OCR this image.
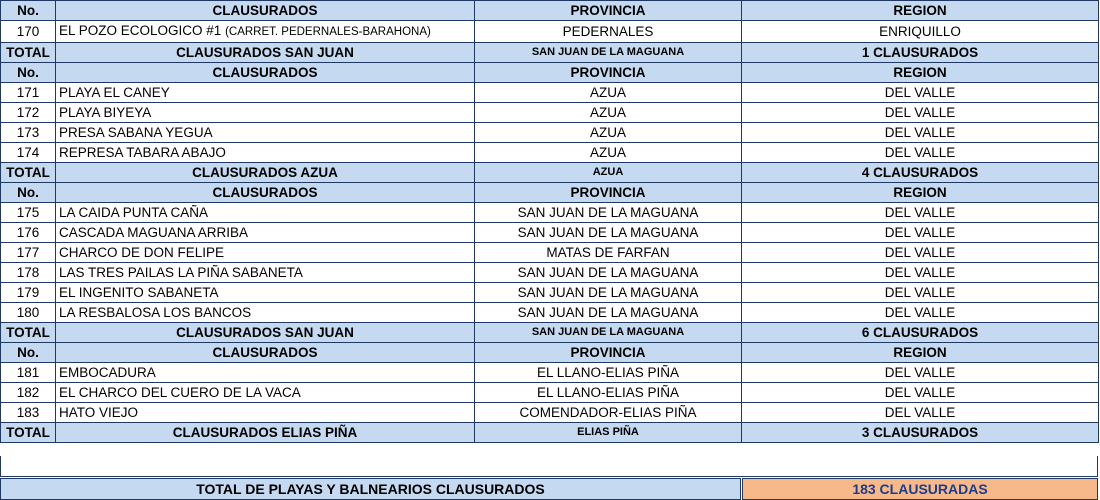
No.	CLAUSURADOS	PROVINCIA	REGION
170	EL POZO ECOLOGICO #1 (CARRET. PEDERNALES-BARAHONA)	PEDERNALES	ENRIQUILLO
TOTAL	CLAUSURADOS SAN JUAN	SAN JUAN DE LA MAGUANA	1 CLAUSURADOS
No.	CLAUSURADOS	PROVINCIA	REGION
171	PLAYA EL CANEY	AZUA	DEL VALLE
172	PLAYA BIYEYA	AZUA	DEL VALLE
173	PRESA SABANA YEGUA	AZUA	DEL VALLE
174	REPRESA TABARA ABAJO	AZUA	DEL VALLE
TOTAL	CLAUSURADOS AZUA	AZUA	4 CLAUSURADOS
No.	CLAUSURADOS	PROVINCIA	REGION
175	LA CAIDA PUNTA CAÑA	SAN JUAN DE LA MAGUANA	DEL VALLE
176	CASCADA MAGUANA ARRIBA	SAN JUAN DE LA MAGUANA	DEL VALLE
177	CHARCO DE DON FELIPE	MATAS DE FARFAN	DEL VALLE
178	LAS TRES PAILAS LA PIÑA SABANETA	SAN JUAN DE LA MAGUANA	DEL VALLE
179	EL INGENITO SABANETA	SAN JUAN DE LA MAGUANA	DEL VALLE
180	LA RESBALOSA LOS BANCOS	SAN JUAN DE LA MAGUANA	DEL VALLE
TOTAL	CLAUSURADOS SAN JUAN	SAN JUAN DE LA MAGUANA	6 CLAUSURADOS
No.	CLAUSURADOS	PROVINCIA	REGION
181	EMBOCADURA	EL LLANO-ELIAS PIÑA	DEL VALLE
182	EL CHARCO DEL CUERO DE LA VACA	EL LLANO-ELIAS PIÑA	DEL VALLE
183	HATO VIEJO	COMENDADOR-ELIAS PIÑA	DEL VALLE
TOTAL	CLAUSURADOS ELIAS PIÑA	ELIAS PIÑA	3 CLAUSURADOS
TOTAL DE PLAYAS Y BALNEARIOS CLAUSURADOS	183 CLAUSURADAS
